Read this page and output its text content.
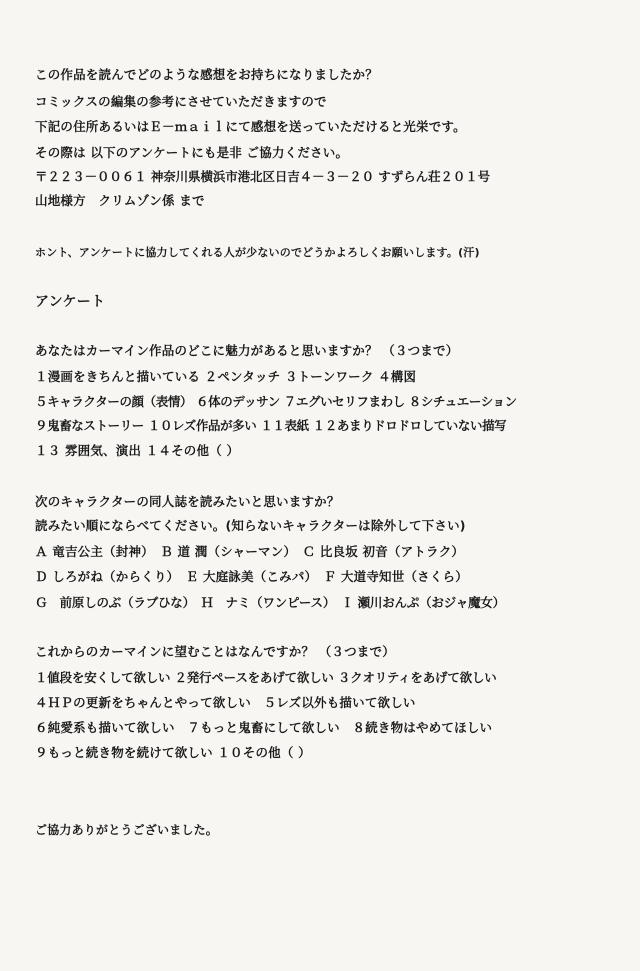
この作品を読んでどのような感想をお持ちになりましたか？
コミックスの編集の参考にさせていただきますので
下記の住所あるいはＥ－ｍａｉｌにて感想を送っていただけると光栄です。
その際は 以下のアンケートにも是非 ご協力ください。
〒２２３－００６１ 神奈川県横浜市港北区日吉４－３－２０ すずらん荘２０１号
山地様方　クリムゾン係 まで
ホント、アンケートに協力してくれる人が少ないのでどうかよろしくお願いします。(汗)
アンケート
あなたはカーマイン作品のどこに魅力があると思いますか？ （３つまで）
１漫画をきちんと描いている ２ペンタッチ ３トーンワーク ４構図
５キャラクターの顔（表情） ６体のデッサン ７エグいセリフまわし ８シチュエーション
９鬼畜なストーリー １０レズ作品が多い １１表紙 １２あまりドロドロしていない描写
１３ 雰囲気、演出 １４その他（ ）
次のキャラクターの同人誌を読みたいと思いますか？
読みたい順にならべてください。(知らないキャラクターは除外して下さい)
Ａ 竜吉公主（封神）　Ｂ 道 潤（シャーマン）　Ｃ 比良坂 初音（アトラク）
Ｄ しろがね（からくり）　Ｅ 大庭詠美（こみパ）　Ｆ 大道寺知世（さくら）
Ｇ　前原しのぶ（ラブひな）　Ｈ　ナミ（ワンピース）　Ｉ 瀬川おんぷ（おジャ魔女）
これからのカーマインに望むことはなんですか？ （３つまで）
１値段を安くして欲しい ２発行ペースをあげて欲しい ３クオリティをあげて欲しい
４ＨＰの更新をちゃんとやって欲しい　５レズ以外も描いて欲しい
６純愛系も描いて欲しい　７もっと鬼畜にして欲しい　８続き物はやめてほしい
９もっと続き物を続けて欲しい １０その他（ ）
ご協力ありがとうございました。
